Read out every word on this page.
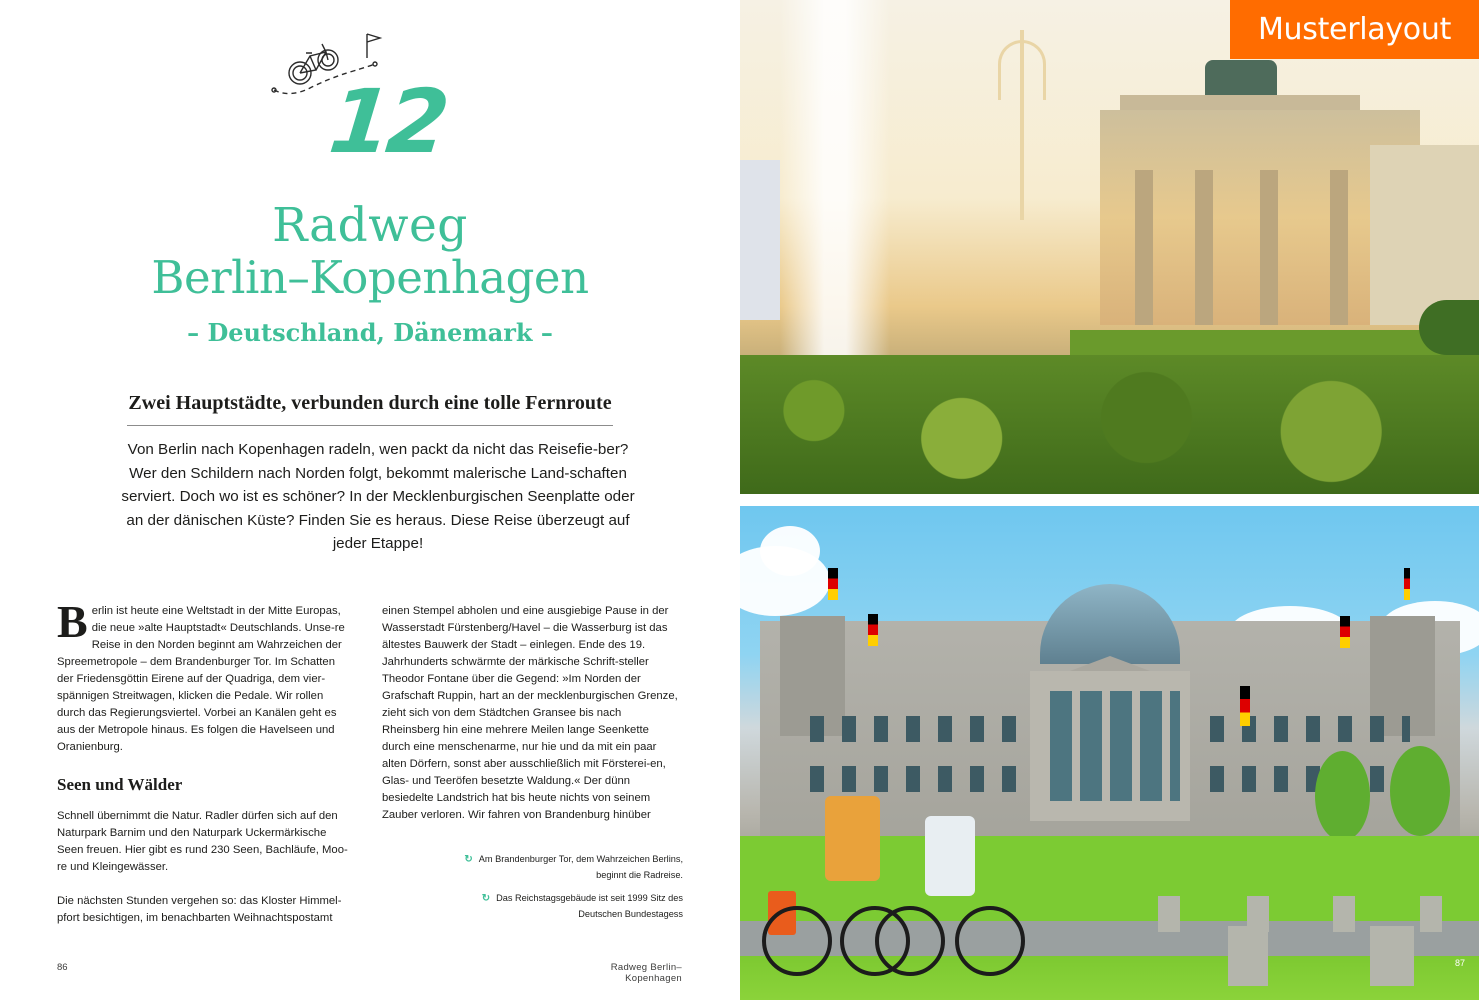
12
Radweg
Berlin–Kopenhagen
– Deutschland, Dänemark –
Zwei Hauptstädte, verbunden durch eine tolle Fernroute

Von Berlin nach Kopenhagen radeln, wen packt da nicht das Reisefie-ber? Wer den Schildern nach Norden folgt, bekommt malerische Land-schaften serviert. Doch wo ist es schöner? In der Mecklenburgischen Seenplatte oder an der dänischen Küste? Finden Sie es heraus. Diese Reise überzeugt auf jeder Etappe!

B erlin ist heute eine Weltstadt in der Mitte Europas, die neue »alte Hauptstadt« Deutschlands. Unse-re Reise in den Norden beginnt am Wahrzeichen der Spreemetropole – dem Brandenburger Tor. Im Schatten der Friedensgöttin Eirene auf der Quadriga, dem vier-spännigen Streitwagen, klicken die Pedale. Wir rollen durch das Regierungsviertel. Vorbei an Kanälen geht es aus der Metropole hinaus. Es folgen die Havelseen und Oranienburg.

Seen und Wälder

Schnell übernimmt die Natur. Radler dürfen sich auf den Naturpark Barnim und den Naturpark Uckermärkische Seen freuen. Hier gibt es rund 230 Seen, Bachläufe, Moo-re und Kleingewässer.

Die nächsten Stunden vergehen so: das Kloster Himmel-pfort besichtigen, im benachbarten Weihnachtspostamt

einen Stempel abholen und eine ausgiebige Pause in der Wasserstadt Fürstenberg/Havel – die Wasserburg ist das ältestes Bauwerk der Stadt – einlegen. Ende des 19. Jahrhunderts schwärmte der märkische Schrift-steller Theodor Fontane über die Gegend: »Im Norden der Grafschaft Ruppin, hart an der mecklenburgischen Grenze, zieht sich von dem Städtchen Gransee bis nach Rheinsberg hin eine mehrere Meilen lange Seenkette durch eine menschenarme, nur hie und da mit ein paar alten Dörfern, sonst aber ausschließlich mit Försterei-en, Glas- und Teeröfen besetzte Waldung.« Der dünn besiedelte Landstrich hat bis heute nichts von seinem Zauber verloren. Wir fahren von Brandenburg hinüber

↻ Am Brandenburger Tor, dem Wahrzeichen Berlins, beginnt die Radreise.
↻ Das Reichstagsgebäude ist seit 1999 Sitz des Deutschen Bundestagess
86	Radweg Berlin–Kopenhagen
87
Musterlayout
